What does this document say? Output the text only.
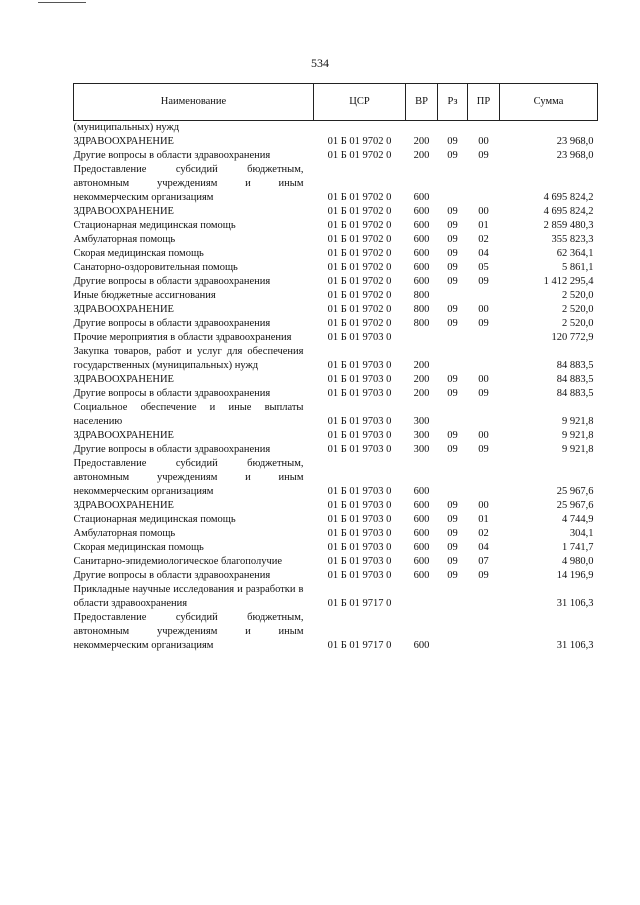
534
Наименование	ЦСР	ВР	Рз	ПР	Сумма
(муниципальных) нужд					
ЗДРАВООХРАНЕНИЕ	01 Б 01 9702 0	200	09	00	23 968,0
Другие вопросы в области здравоохранения	01 Б 01 9702 0	200	09	09	23 968,0
Предоставление субсидий бюджетным, автономным учреждениям и иным некоммерческим организациям	01 Б 01 9702 0	600			4 695 824,2
ЗДРАВООХРАНЕНИЕ	01 Б 01 9702 0	600	09	00	4 695 824,2
Стационарная медицинская помощь	01 Б 01 9702 0	600	09	01	2 859 480,3
Амбулаторная помощь	01 Б 01 9702 0	600	09	02	355 823,3
Скорая медицинская помощь	01 Б 01 9702 0	600	09	04	62 364,1
Санаторно-оздоровительная помощь	01 Б 01 9702 0	600	09	05	5 861,1
Другие вопросы в области здравоохранения	01 Б 01 9702 0	600	09	09	1 412 295,4
Иные бюджетные ассигнования	01 Б 01 9702 0	800			2 520,0
ЗДРАВООХРАНЕНИЕ	01 Б 01 9702 0	800	09	00	2 520,0
Другие вопросы в области здравоохранения	01 Б 01 9702 0	800	09	09	2 520,0
Прочие мероприятия в области здравоохранения	01 Б 01 9703 0				120 772,9
Закупка товаров, работ и услуг для обеспечения государственных (муниципальных) нужд	01 Б 01 9703 0	200			84 883,5
ЗДРАВООХРАНЕНИЕ	01 Б 01 9703 0	200	09	00	84 883,5
Другие вопросы в области здравоохранения	01 Б 01 9703 0	200	09	09	84 883,5
Социальное обеспечение и иные выплаты населению	01 Б 01 9703 0	300			9 921,8
ЗДРАВООХРАНЕНИЕ	01 Б 01 9703 0	300	09	00	9 921,8
Другие вопросы в области здравоохранения	01 Б 01 9703 0	300	09	09	9 921,8
Предоставление субсидий бюджетным, автономным учреждениям и иным некоммерческим организациям	01 Б 01 9703 0	600			25 967,6
ЗДРАВООХРАНЕНИЕ	01 Б 01 9703 0	600	09	00	25 967,6
Стационарная медицинская помощь	01 Б 01 9703 0	600	09	01	4 744,9
Амбулаторная помощь	01 Б 01 9703 0	600	09	02	304,1
Скорая медицинская помощь	01 Б 01 9703 0	600	09	04	1 741,7
Санитарно-эпидемиологическое благополучие	01 Б 01 9703 0	600	09	07	4 980,0
Другие вопросы в области здравоохранения	01 Б 01 9703 0	600	09	09	14 196,9
Прикладные научные исследования и разработки в области здравоохранения	01 Б 01 9717 0				31 106,3
Предоставление субсидий бюджетным, автономным учреждениям и иным некоммерческим организациям	01 Б 01 9717 0	600			31 106,3
